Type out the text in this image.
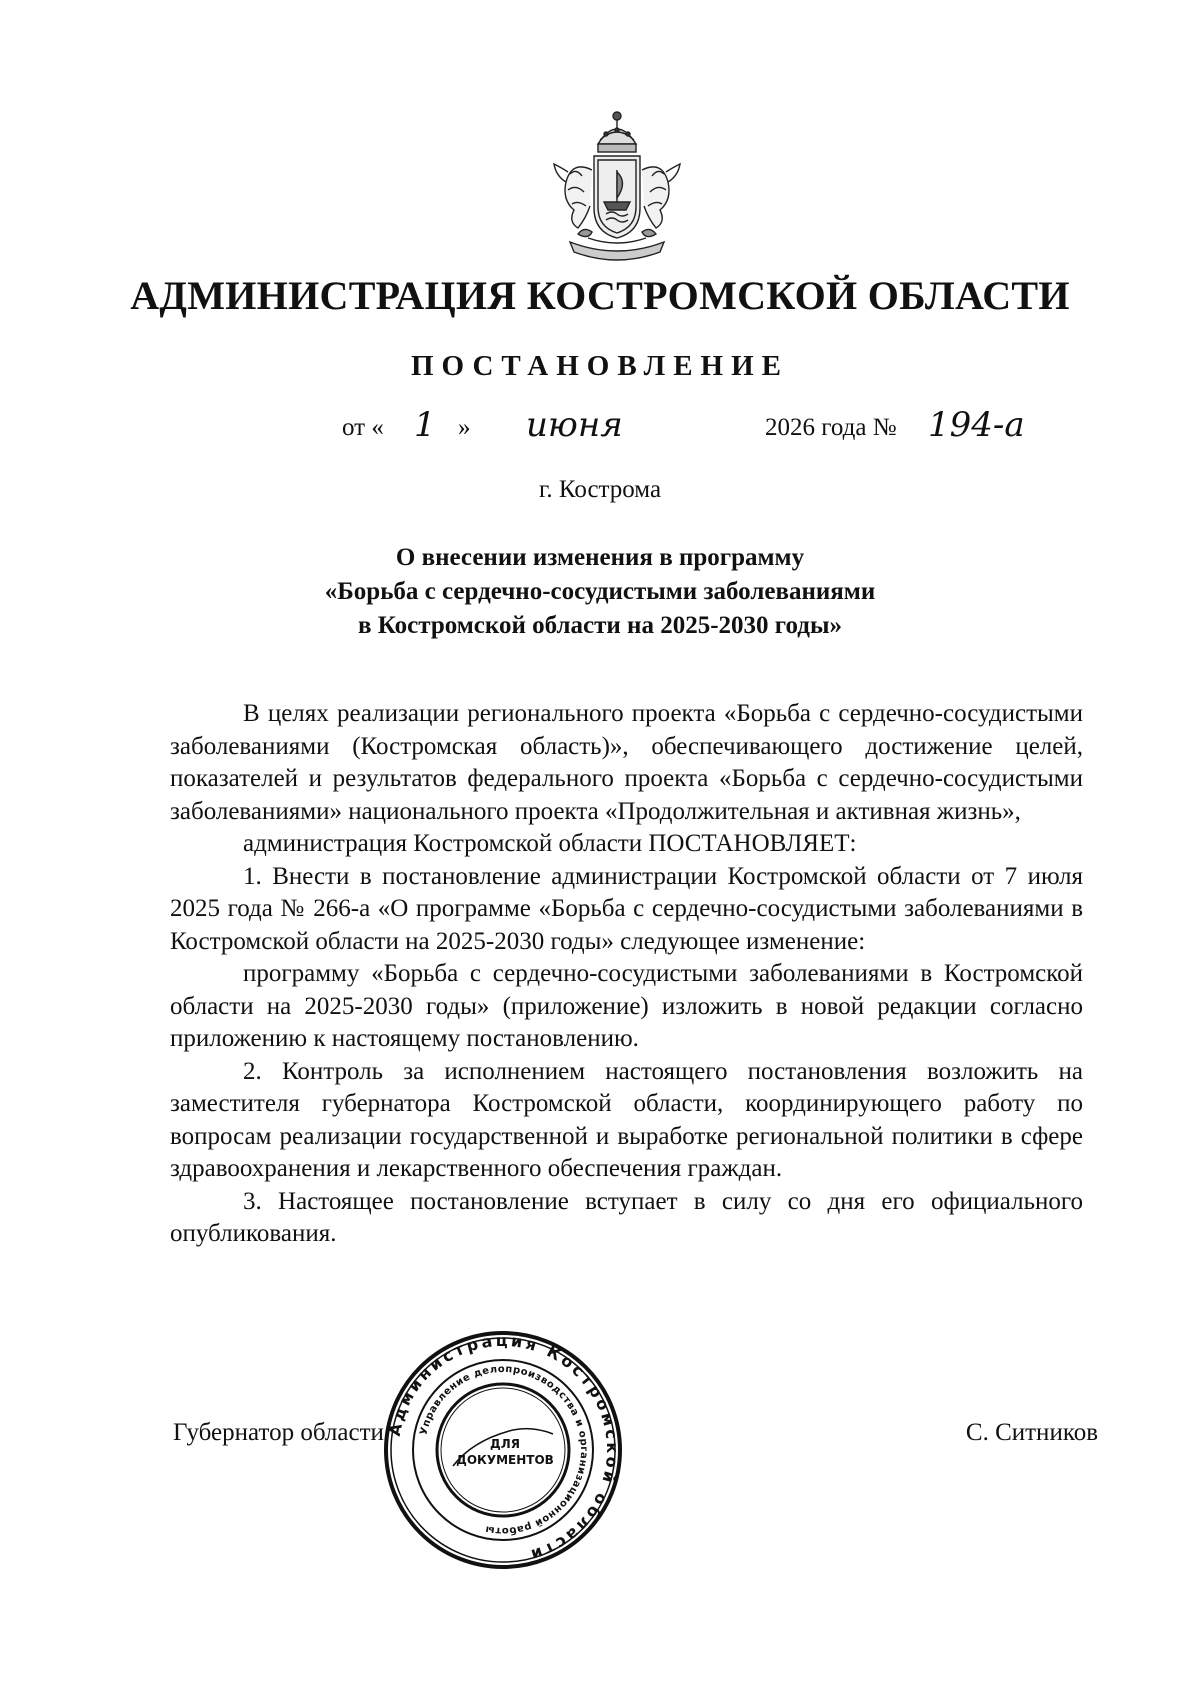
АДМИНИСТРАЦИЯ КОСТРОМСКОЙ ОБЛАСТИ
ПОСТАНОВЛЕНИЕ
от « 1 » июня	2026 года № 194-а

г. Кострома

О внесении изменения в программу
«Борьба с сердечно-сосудистыми заболеваниями
в Костромской области на 2025-2030 годы»

В целях реализации регионального проекта «Борьба с сердечно-сосудистыми заболеваниями (Костромская область)», обеспечивающего достижение целей, показателей и результатов федерального проекта «Борьба с сердечно-сосудистыми заболеваниями» национального проекта «Продолжительная и активная жизнь»,

администрация Костромской области ПОСТАНОВЛЯЕТ:

1. Внести в постановление администрации Костромской области от 7 июля 2025 года № 266-а «О программе «Борьба с сердечно-сосудистыми заболеваниями в Костромской области на 2025-2030 годы» следующее изменение:

программу «Борьба с сердечно-сосудистыми заболеваниями в Костромской области на 2025-2030 годы» (приложение) изложить в новой редакции согласно приложению к настоящему постановлению.

2. Контроль за исполнением настоящего постановления возложить на заместителя губернатора Костромской области, координирующего работу по вопросам реализации государственной и выработке региональной политики в сфере здравоохранения и лекарственного обеспечения граждан.

3. Настоящее постановление вступает в силу со дня его официального опубликования.

Губернатор области	С. Ситников
Администрация Костромской области
Управление делопроизводства и организационной работы
ДЛЯ
ДОКУМЕНТОВ
